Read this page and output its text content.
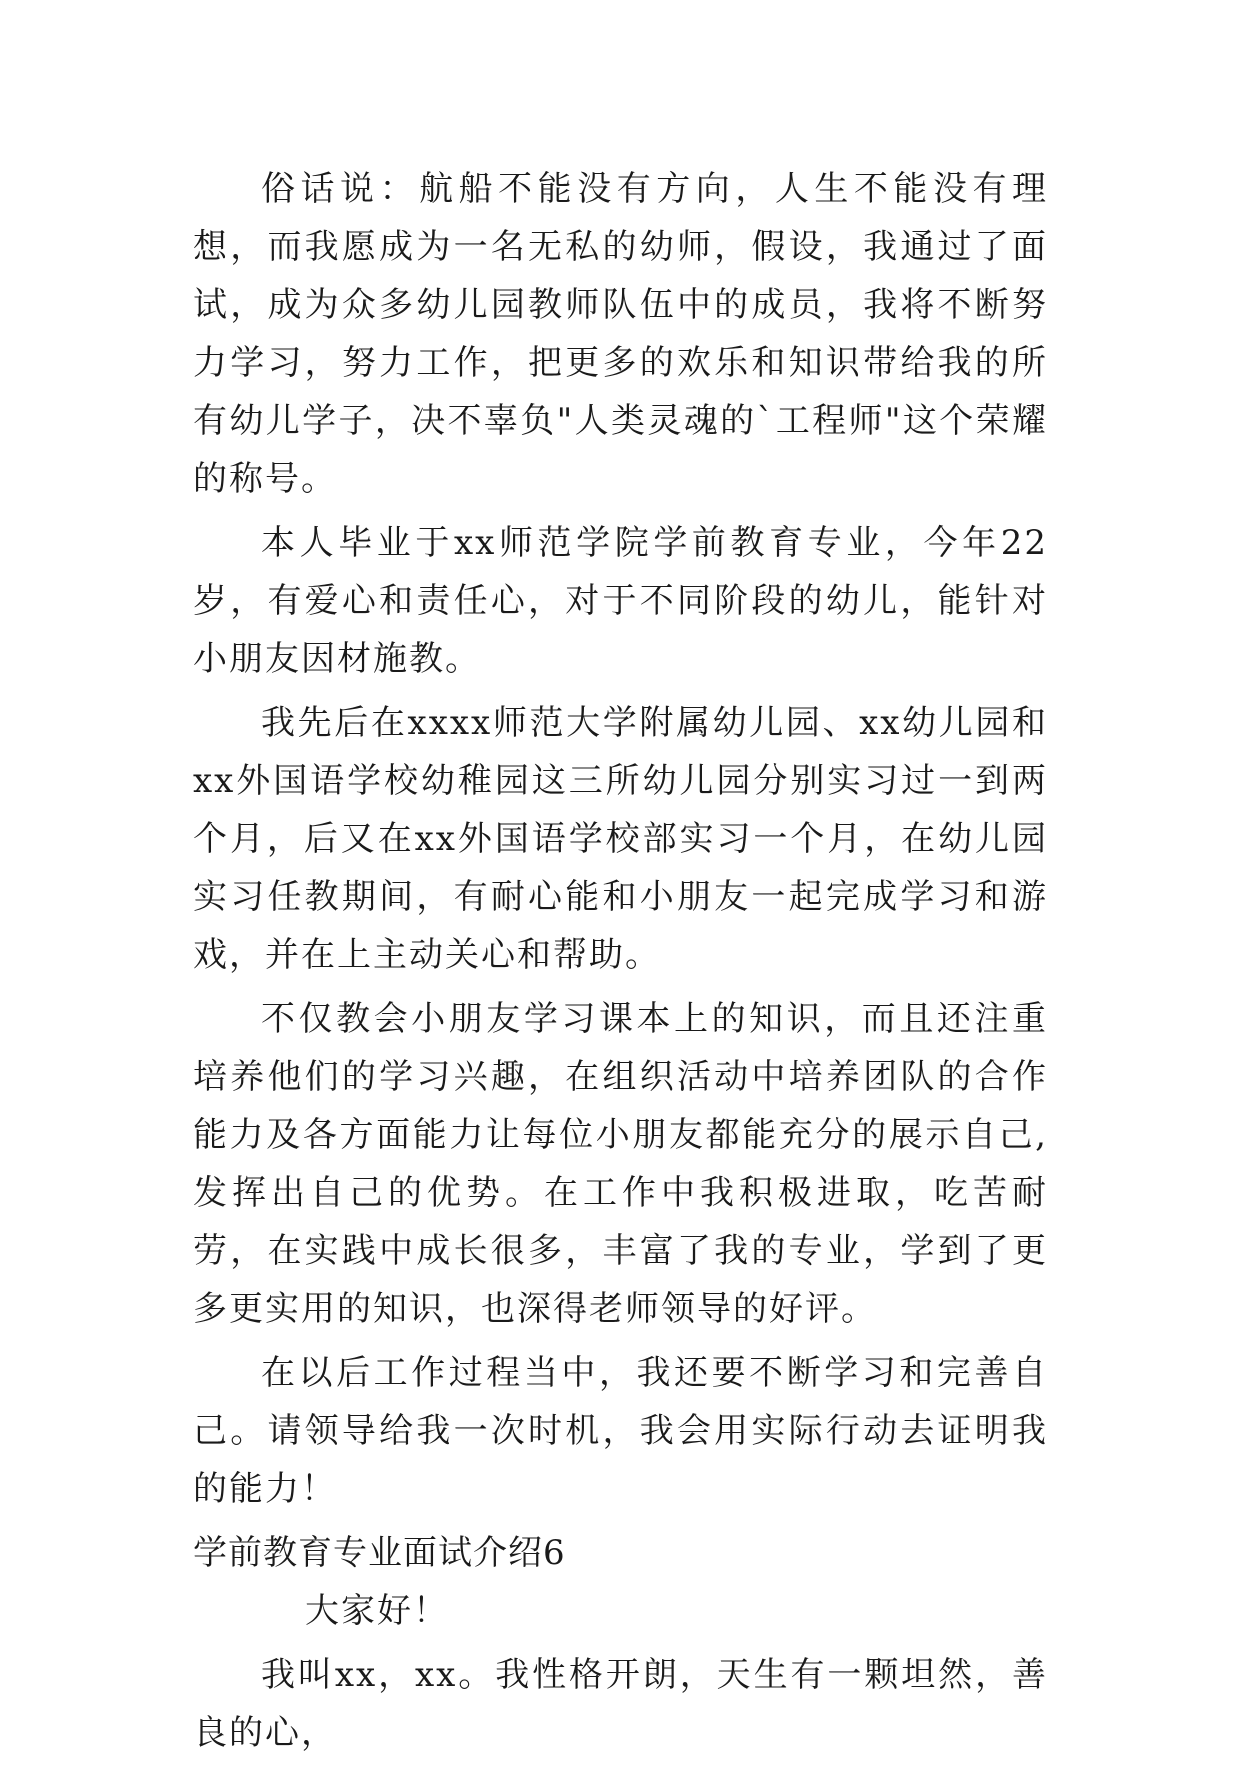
俗话说：航船不能没有方向，人生不能没有理想，而我愿成为一名无私的幼师，假设，我通过了面试，成为众多幼儿园教师队伍中的成员，我将不断努力学习，努力工作，把更多的欢乐和知识带给我的所有幼儿学子，决不辜负"人类灵魂的`工程师"这个荣耀的称号。

本人毕业于xx师范学院学前教育专业，今年22岁，有爱心和责任心，对于不同阶段的幼儿，能针对小朋友因材施教。

我先后在xxxx师范大学附属幼儿园、xx幼儿园和xx外国语学校幼稚园这三所幼儿园分别实习过一到两个月，后又在xx外国语学校部实习一个月，在幼儿园实习任教期间，有耐心能和小朋友一起完成学习和游戏，并在上主动关心和帮助。

不仅教会小朋友学习课本上的知识，而且还注重培养他们的学习兴趣，在组织活动中培养团队的合作能力及各方面能力让每位小朋友都能充分的展示自己,发挥出自己的优势。在工作中我积极进取，吃苦耐劳，在实践中成长很多，丰富了我的专业，学到了更多更实用的知识，也深得老师领导的好评。

在以后工作过程当中，我还要不断学习和完善自己。请领导给我一次时机，我会用实际行动去证明我的能力！

学前教育专业面试介绍6

大家好！

我叫xx，xx。我性格开朗，天生有一颗坦然，善良的心，
